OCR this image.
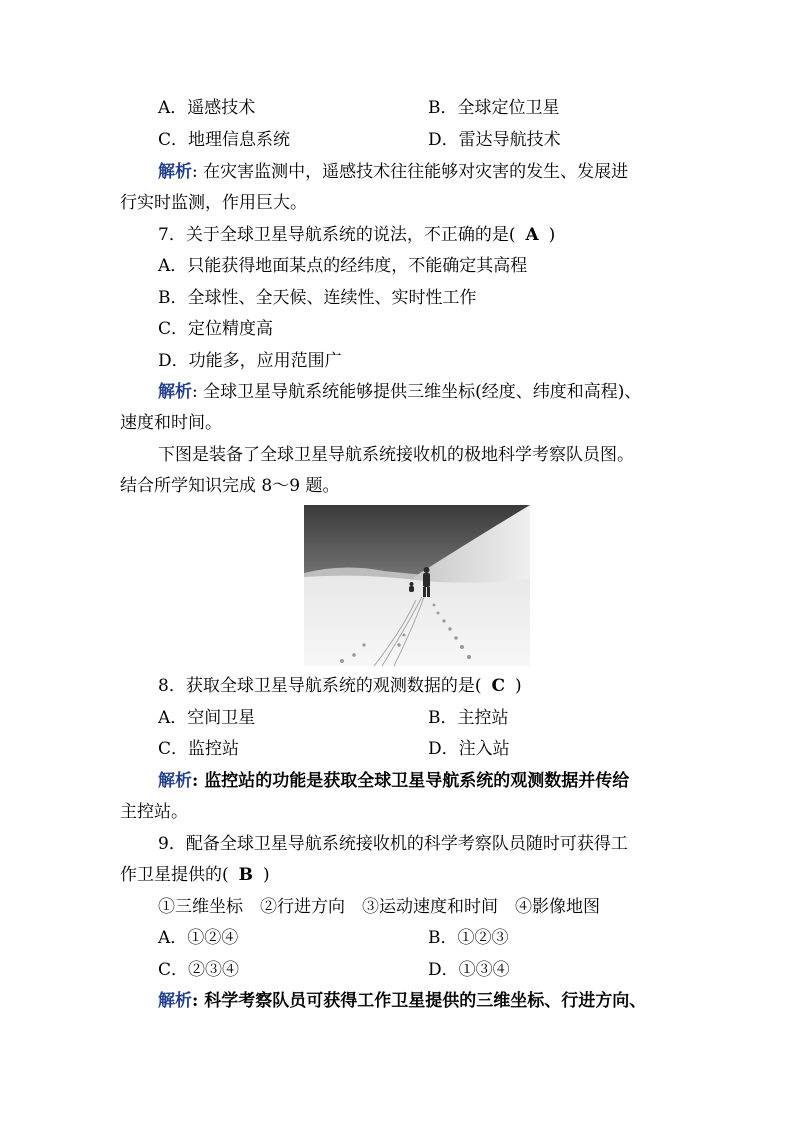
A．遥感技术	B．全球定位卫星
C．地理信息系统	D．雷达导航技术
解析: 在灾害监测中，遥感技术往往能够对灾害的发生、发展进
行实时监测，作用巨大。
7．关于全球卫星导航系统的说法，不正确的是( A )
A．只能获得地面某点的经纬度，不能确定其高程
B．全球性、全天候、连续性、实时性工作
C．定位精度高
D．功能多，应用范围广
解析: 全球卫星导航系统能够提供三维坐标(经度、纬度和高程)、
速度和时间。
下图是装备了全球卫星导航系统接收机的极地科学考察队员图。
结合所学知识完成 8～9 题。
8．获取全球卫星导航系统的观测数据的是( C )
A．空间卫星	B．主控站
C．监控站	D．注入站
解析: 监控站的功能是获取全球卫星导航系统的观测数据并传给
主控站。
9．配备全球卫星导航系统接收机的科学考察队员随时可获得工
作卫星提供的( B )
①三维坐标　②行进方向　③运动速度和时间　④影像地图
A．①②④	B．①②③
C．②③④	D．①③④
解析: 科学考察队员可获得工作卫星提供的三维坐标、行进方向、
